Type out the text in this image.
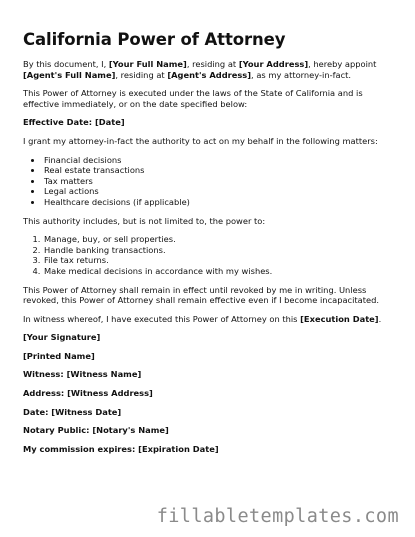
California Power of Attorney

By this document, I, [Your Full Name], residing at [Your Address], hereby appoint [Agent's Full Name], residing at [Agent's Address], as my attorney-in-fact.

This Power of Attorney is executed under the laws of the State of California and is effective immediately, or on the date specified below:

Effective Date: [Date]

I grant my attorney-in-fact the authority to act on my behalf in the following matters:

• Financial decisions
• Real estate transactions
• Tax matters
• Legal actions
• Healthcare decisions (if applicable)

This authority includes, but is not limited to, the power to:

1. Manage, buy, or sell properties.
2. Handle banking transactions.
3. File tax returns.
4. Make medical decisions in accordance with my wishes.

This Power of Attorney shall remain in effect until revoked by me in writing. Unless revoked, this Power of Attorney shall remain effective even if I become incapacitated.

In witness whereof, I have executed this Power of Attorney on this [Execution Date].

[Your Signature]
[Printed Name]
Witness: [Witness Name]
Address: [Witness Address]
Date: [Witness Date]
Notary Public: [Notary's Name]
My commission expires: [Expiration Date]
fillabletemplates.com
